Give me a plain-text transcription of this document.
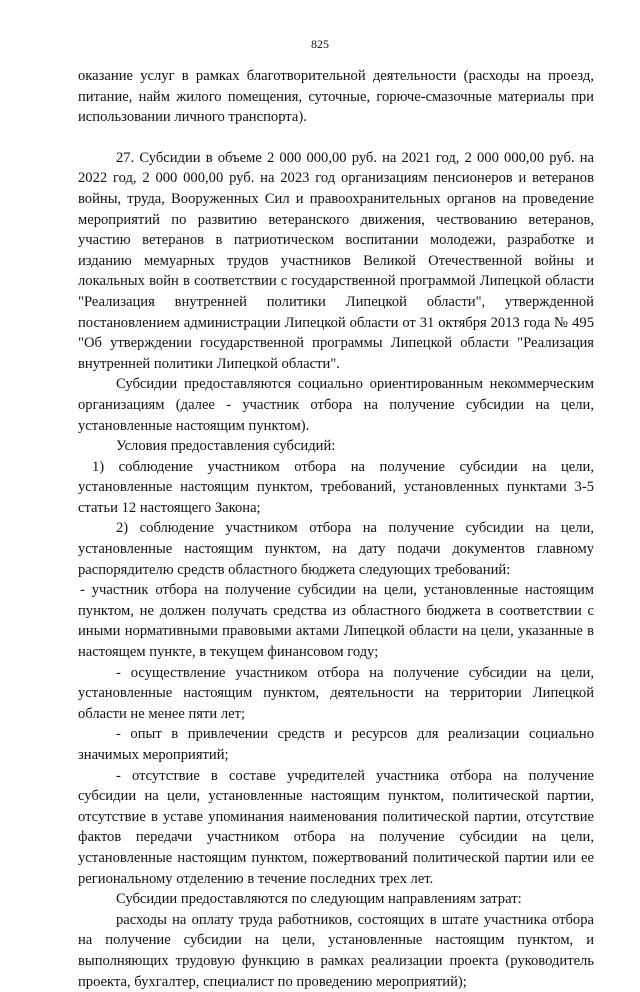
825

оказание услуг в рамках благотворительной деятельности (расходы на проезд, питание, найм жилого помещения, суточные, горюче-смазочные материалы при использовании личного транспорта).

27. Субсидии в объеме 2 000 000,00 руб. на 2021 год, 2 000 000,00 руб. на 2022 год, 2 000 000,00 руб. на 2023 год организациям пенсионеров и ветеранов войны, труда, Вооруженных Сил и правоохранительных органов на проведение мероприятий по развитию ветеранского движения, чествованию ветеранов, участию ветеранов в патриотическом воспитании молодежи, разработке и изданию мемуарных трудов участников Великой Отечественной войны и локальных войн в соответствии с государственной программой Липецкой области "Реализация внутренней политики Липецкой области", утвержденной постановлением администрации Липецкой области от 31 октября 2013 года № 495 "Об утверждении государственной программы Липецкой области "Реализация внутренней политики Липецкой области".

Субсидии предоставляются социально ориентированным некоммерческим организациям (далее - участник отбора на получение субсидии на цели, установленные настоящим пунктом).

Условия предоставления субсидий:

1) соблюдение участником отбора на получение субсидии на цели, установленные настоящим пунктом, требований, установленных пунктами 3-5 статьи 12 настоящего Закона;

2) соблюдение участником отбора на получение субсидии на цели, установленные настоящим пунктом, на дату подачи документов главному распорядителю средств областного бюджета следующих требований:

- участник отбора на получение субсидии на цели, установленные настоящим пунктом, не должен получать средства из областного бюджета в соответствии с иными нормативными правовыми актами Липецкой области на цели, указанные в настоящем пункте, в текущем финансовом году;

- осуществление участником отбора на получение субсидии на цели, установленные настоящим пунктом, деятельности на территории Липецкой области не менее пяти лет;

- опыт в привлечении средств и ресурсов для реализации социально значимых мероприятий;

- отсутствие в составе учредителей участника отбора на получение субсидии на цели, установленные настоящим пунктом, политической партии, отсутствие в уставе упоминания наименования политической партии, отсутствие фактов передачи участником отбора на получение субсидии на цели, установленные настоящим пунктом, пожертвований политической партии или ее региональному отделению в течение последних трех лет.

Субсидии предоставляются по следующим направлениям затрат:

расходы на оплату труда работников, состоящих в штате участника отбора на получение субсидии на цели, установленные настоящим пунктом, и выполняющих трудовую функцию в рамках реализации проекта (руководитель проекта, бухгалтер, специалист по проведению мероприятий);
